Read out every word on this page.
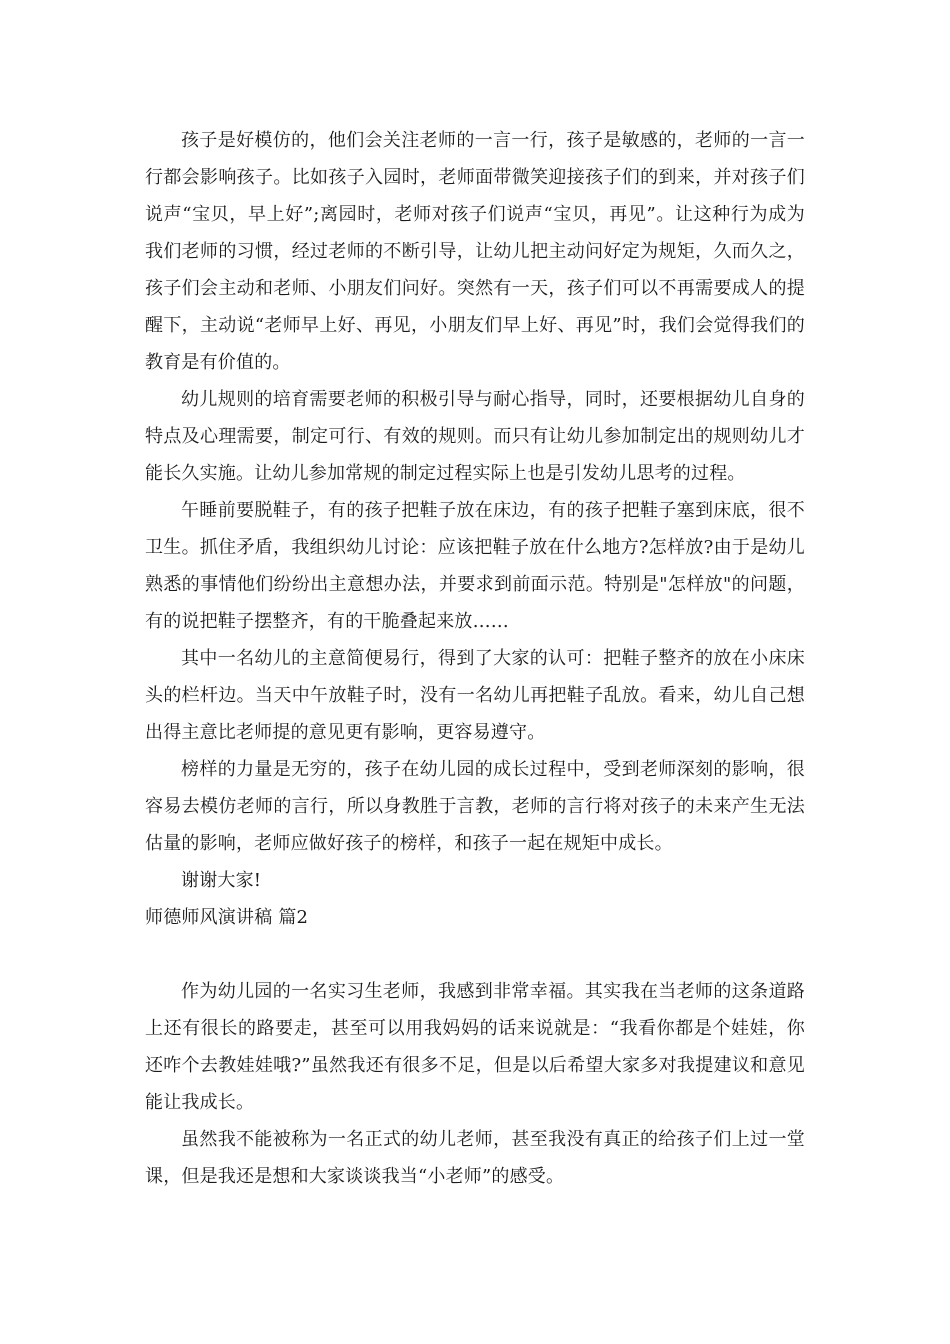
孩子是好模仿的，他们会关注老师的一言一行，孩子是敏感的，老师的一言一行都会影响孩子。比如孩子入园时，老师面带微笑迎接孩子们的到来，并对孩子们说声“宝贝，早上好”;离园时，老师对孩子们说声“宝贝，再见”。让这种行为成为我们老师的习惯，经过老师的不断引导，让幼儿把主动问好定为规矩，久而久之，孩子们会主动和老师、小朋友们问好。突然有一天，孩子们可以不再需要成人的提醒下，主动说“老师早上好、再见，小朋友们早上好、再见”时，我们会觉得我们的教育是有价值的。

幼儿规则的培育需要老师的积极引导与耐心指导，同时，还要根据幼儿自身的特点及心理需要，制定可行、有效的规则。而只有让幼儿参加制定出的规则幼儿才能长久实施。让幼儿参加常规的制定过程实际上也是引发幼儿思考的过程。

午睡前要脱鞋子，有的孩子把鞋子放在床边，有的孩子把鞋子塞到床底，很不卫生。抓住矛盾，我组织幼儿讨论：应该把鞋子放在什么地方?怎样放?由于是幼儿熟悉的事情他们纷纷出主意想办法，并要求到前面示范。特别是"怎样放"的问题，有的说把鞋子摆整齐，有的干脆叠起来放……

其中一名幼儿的主意简便易行，得到了大家的认可：把鞋子整齐的放在小床床头的栏杆边。当天中午放鞋子时，没有一名幼儿再把鞋子乱放。看来，幼儿自己想出得主意比老师提的意见更有影响，更容易遵守。

榜样的力量是无穷的，孩子在幼儿园的成长过程中，受到老师深刻的影响，很容易去模仿老师的言行，所以身教胜于言教，老师的言行将对孩子的未来产生无法估量的影响，老师应做好孩子的榜样，和孩子一起在规矩中成长。

谢谢大家!

师德师风演讲稿 篇2

作为幼儿园的一名实习生老师，我感到非常幸福。其实我在当老师的这条道路上还有很长的路要走，甚至可以用我妈妈的话来说就是：“我看你都是个娃娃，你还咋个去教娃娃哦?”虽然我还有很多不足，但是以后希望大家多对我提建议和意见能让我成长。

虽然我不能被称为一名正式的幼儿老师，甚至我没有真正的给孩子们上过一堂课，但是我还是想和大家谈谈我当“小老师”的感受。
